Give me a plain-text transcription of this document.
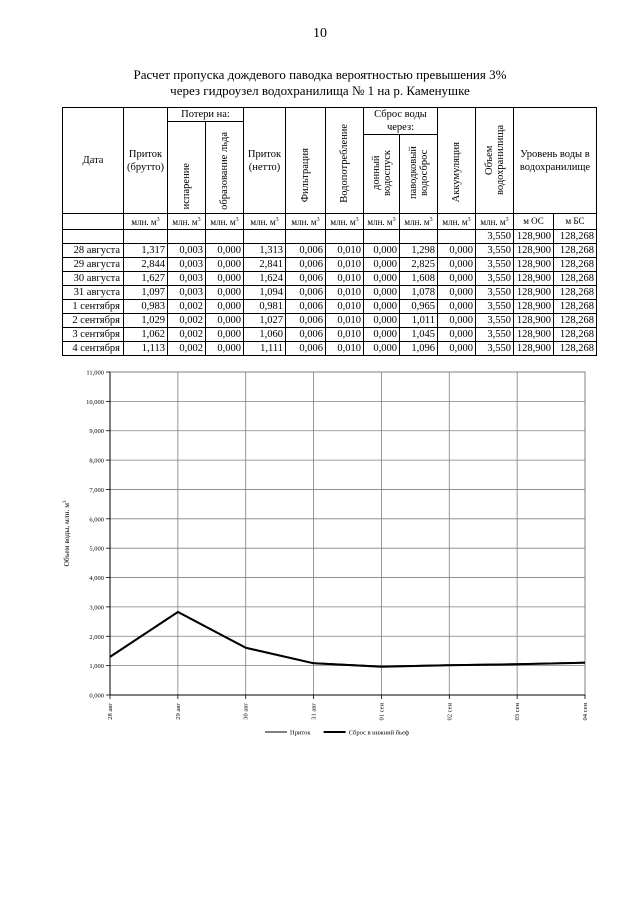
10
Расчет пропуска дождевого паводка вероятностью превышения 3%
через гидроузел водохранилища № 1 на р. Каменушке
Дата	Приток (брутто)	Потери на:		Приток (нетто)	Фильтрация	Водопотребление	Сброс воды через:		Аккумуляция	Объем водохранилища	Уровень воды в водохранилище	

		испарение	образование льда									

							донный водоспуск	паводковый водосброс				

	млн. $м^3$	млн. $м^3$	млн. $м^3$	млн. $м^3$	млн. $м^3$	млн. $м^3$	млн. $м^3$	млн. $м^3$	млн. $м^3$	млн. $м^3$	м ОС	м БС
										3,550	128,900	128,268
28 августа	1,317	0,003	0,000	1,313	0,006	0,010	0,000	1,298	0,000	3,550	128,900	128,268
29 августа	2,844	0,003	0,000	2,841	0,006	0,010	0,000	2,825	0,000	3,550	128,900	128,268
30 августа	1,627	0,003	0,000	1,624	0,006	0,010	0,000	1,608	0,000	3,550	128,900	128,268
31 августа	1,097	0,003	0,000	1,094	0,006	0,010	0,000	1,078	0,000	3,550	128,900	128,268
1 сентября	0,983	0,002	0,000	0,981	0,006	0,010	0,000	0,965	0,000	3,550	128,900	128,268
2 сентября	1,029	0,002	0,000	1,027	0,006	0,010	0,000	1,011	0,000	3,550	128,900	128,268
3 сентября	1,062	0,002	0,000	1,060	0,006	0,010	0,000	1,045	0,000	3,550	128,900	128,268
4 сентября	1,113	0,002	0,000	1,111	0,006	0,010	0,000	1,096	0,000	3,550	128,900	128,268
0,000
1,000
2,000
3,000
4,000
5,000
6,000
7,000
8,000
9,000
10,000
11,000
28 авг	29 авг	30 авг	31 авг	01 сен	02 сен	03 сен	04 сен
Объем воды, млн. $м^3$
Приток	Сброс в нижний бьеф
